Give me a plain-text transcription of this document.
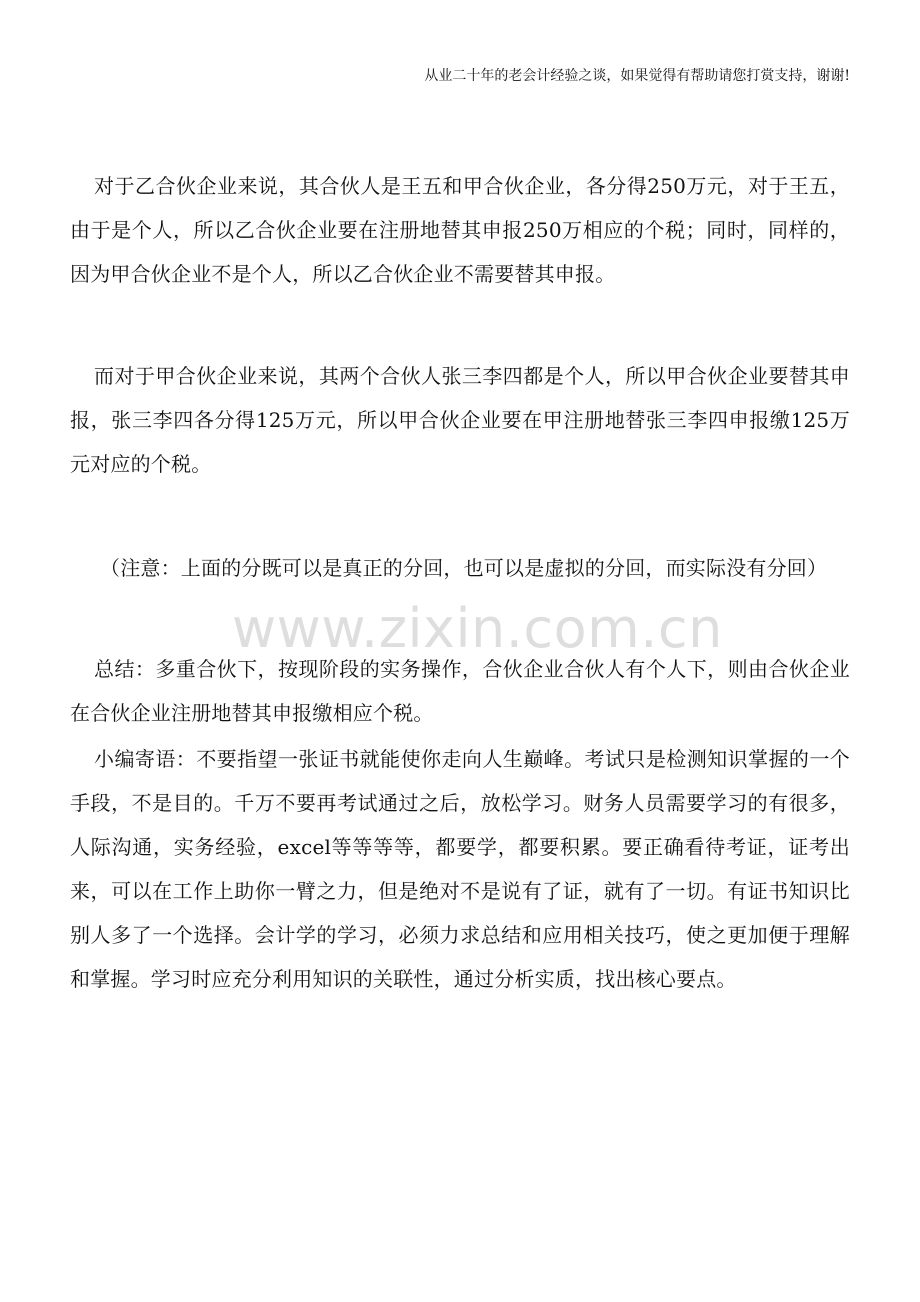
从业二十年的老会计经验之谈，如果觉得有帮助请您打赏支持，谢谢!

对于乙合伙企业来说，其合伙人是王五和甲合伙企业，各分得250万元，对于王五，由于是个人，所以乙合伙企业要在注册地替其申报250万相应的个税；同时，同样的，因为甲合伙企业不是个人，所以乙合伙企业不需要替其申报。

而对于甲合伙企业来说，其两个合伙人张三李四都是个人，所以甲合伙企业要替其申报，张三李四各分得125万元，所以甲合伙企业要在甲注册地替张三李四申报缴125万元对应的个税。

（注意：上面的分既可以是真正的分回，也可以是虚拟的分回，而实际没有分回）

www.zixin.com.cn

总结：多重合伙下，按现阶段的实务操作，合伙企业合伙人有个人下，则由合伙企业在合伙企业注册地替其申报缴相应个税。

小编寄语：不要指望一张证书就能使你走向人生巅峰。考试只是检测知识掌握的一个手段，不是目的。千万不要再考试通过之后，放松学习。财务人员需要学习的有很多，人际沟通，实务经验，excel等等等等，都要学，都要积累。要正确看待考证，证考出来，可以在工作上助你一臂之力，但是绝对不是说有了证，就有了一切。有证书知识比别人多了一个选择。会计学的学习，必须力求总结和应用相关技巧，使之更加便于理解和掌握。学习时应充分利用知识的关联性，通过分析实质，找出核心要点。
